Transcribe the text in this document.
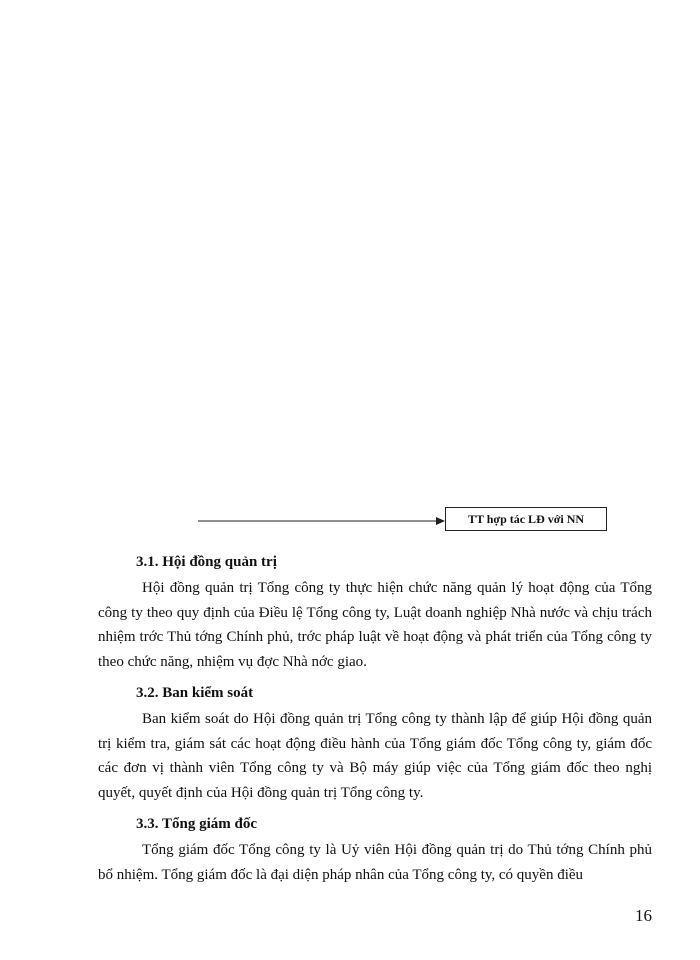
TT hợp tác LĐ với NN
3.1. Hội đồng quản trị

Hội đồng quản trị Tổng công ty thực hiện chức năng quản lý hoạt động của Tổng công ty theo quy định của Điều lệ Tổng công ty, Luật doanh nghiệp Nhà nước và chịu trách nhiệm trớc Thủ tớng Chính phủ, trớc pháp luật về hoạt động và phát triển của Tổng công ty theo chức năng, nhiệm vụ đợc Nhà nớc giao.

3.2. Ban kiểm soát

Ban kiểm soát do Hội đồng quản trị Tổng công ty thành lập để giúp Hội đồng quản trị kiểm tra, giám sát các hoạt động điều hành của Tổng giám đốc Tổng công ty, giám đốc các đơn vị thành viên Tổng công ty và Bộ máy giúp việc của Tổng giám đốc theo nghị quyết, quyết định của Hội đồng quản trị Tổng công ty.

3.3. Tổng giám đốc

Tổng giám đốc Tổng công ty là Uỷ viên Hội đồng quản trị do Thủ tớng Chính phủ bổ nhiệm. Tổng giám đốc là đại diện pháp nhân của Tổng công ty, có quyền điều

16
